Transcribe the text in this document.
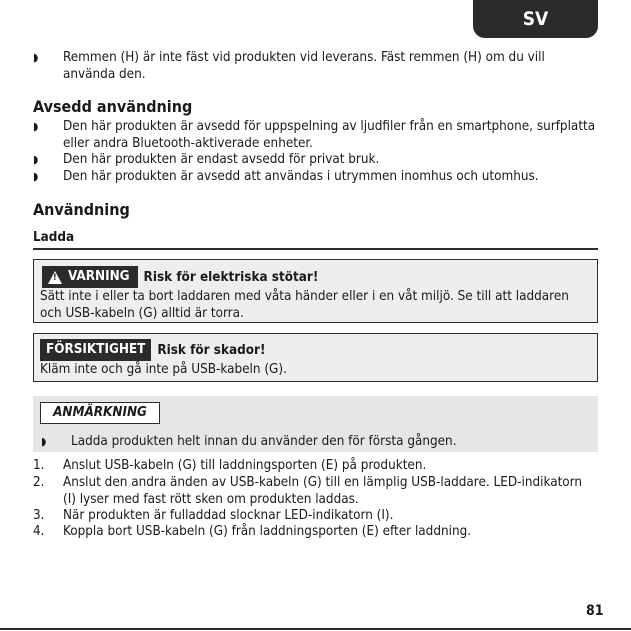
SV
◗	Remmen (H) är inte fäst vid produkten vid leverans. Fäst remmen (H) om du vill använda den.
Avsedd användning
◗	Den här produkten är avsedd för uppspelning av ljudfiler från en smartphone, surfplatta eller andra Bluetooth-aktiverade enheter.
◗	Den här produkten är endast avsedd för privat bruk.
◗	Den här produkten är avsedd att användas i utrymmen inomhus och utomhus.
Användning
Ladda
!
VARNING Risk för elektriska stötar!
Sätt inte i eller ta bort laddaren med våta händer eller i en våt miljö. Se till att laddaren och USB-kabeln (G) alltid är torra.
FÖRSIKTIGHET Risk för skador!
Kläm inte och gå inte på USB-kabeln (G).
ANMÄRKNING
◗	Ladda produkten helt innan du använder den för första gången.
1.	Anslut USB-kabeln (G) till laddningsporten (E) på produkten.
2.	Anslut den andra änden av USB-kabeln (G) till en lämplig USB-laddare. LED-indikatorn (I) lyser med fast rött sken om produkten laddas.
3.	När produkten är fulladdad slocknar LED-indikatorn (I).
4.	Koppla bort USB-kabeln (G) från laddningsporten (E) efter laddning.
81
